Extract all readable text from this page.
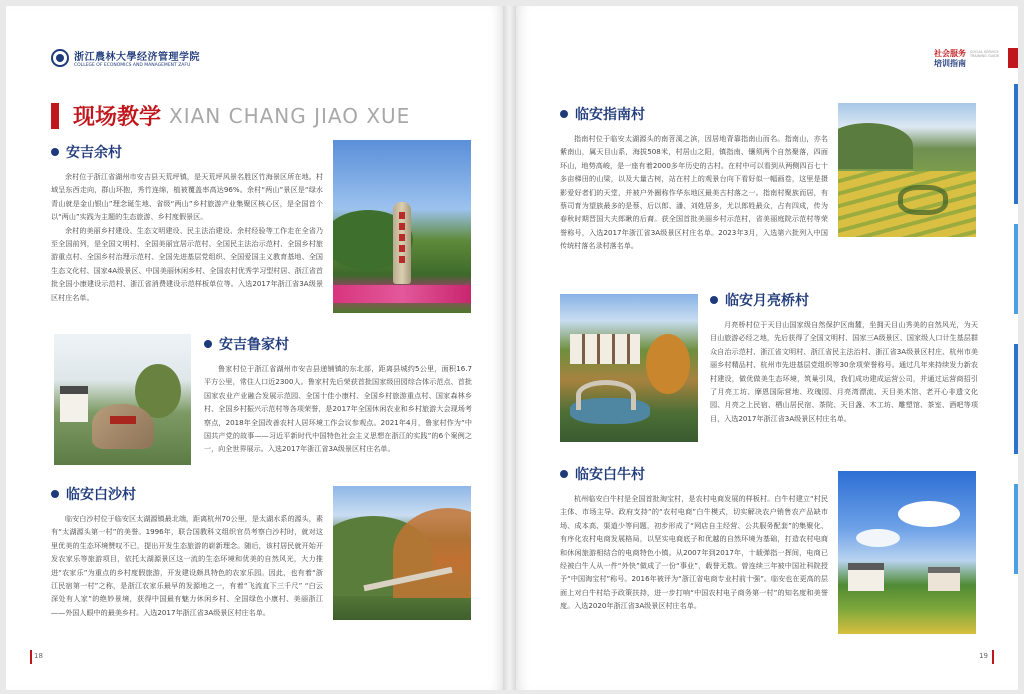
浙江農林大學经济管理学院
COLLEGE OF ECONOMICS AND MANAGEMENT ZAFU
现场教学 XIAN CHANG JIAO XUE
安吉余村

余村位于浙江省湖州市安吉县天荒坪镇，是天荒坪风景名胜区竹海景区所在地。村域呈东西走向，群山环抱，秀竹连绵，植被覆盖率高达96%。余村“两山”景区是“绿水青山就是金山银山”理念诞生地、省级“两山”乡村旅游产业集聚区核心区，是全国首个以“两山”实践为主题的生态旅游、乡村度假景区。

余村的美丽乡村建设、生态文明建设、民主法治建设、余村经验等工作走在全省乃至全国前列，是全国文明村、全国美丽宜居示范村、全国民主法治示范村、全国乡村旅游重点村、全国乡村治理示范村、全国先进基层党组织、全国爱国主义教育基地、全国生态文化村、国家4A级景区、中国美丽休闲乡村、全国农村优秀学习型村居、浙江省首批全国小康建设示范村、浙江省消费建设示范样板单位等。入选2017年浙江省3A级景区村庄名单。

安吉鲁家村

鲁家村位于浙江省湖州市安吉县递铺镇的东北部，距离县城约5公里，面积16.7平方公里，常住人口近2300人。鲁家村先后荣获首批国家级田园综合体示范点、首批国家农业产业融合发展示范园、全国十佳小康村、全国乡村旅游重点村、国家森林乡村、全国乡村振兴示范村等各项荣誉，是2017年全国休闲农业和乡村旅游大会现场考察点，2018年全国改善农村人居环境工作会议参观点。2021年4月，鲁家村作为“中国共产党的故事——习近平新时代中国特色社会主义思想在浙江的实践”的6个案例之一，向全世界展示。入选2017年浙江省3A级景区村庄名单。

临安白沙村

临安白沙村位于临安区太湖源镇最北端，距离杭州70公里，是太湖水系的源头，素有“太湖源头第一村”的美誉。1996年，联合国教科文组织官员考察白沙村时，就对这里优美的生态环境赞叹不已，提出开发生态旅游的崭新理念。随后，该村居民就开始开发农家乐等旅游项目，依托太湖源景区这一流的生态环境和优美的自然风光，大力推进“农家乐”为重点的乡村度假旅游，开发建设颇具特色的农家乐园。因此，也有着“浙江民宿第一村”之称，是浙江农家乐最早的发源地之一，有着“飞流直下三千尺” “白云深处有人家”的绝妙景境，获得中国最有魅力休闲乡村、全国绿色小康村、美丽浙江——外国人眼中的最美乡村。入选2017年浙江省3A级景区村庄名单。

18
社会服务
培训指南
SOCIAL SERVICE TRAINING GUIDE
临安指南村

指南村位于临安太湖源头的南苕溪之滨，因居地背靠指南山而名。指南山，亦名紫南山，属天目山系，海拔508米，村居山之阳，镇指南、镶须两个自然聚落，四面环山，地势高峻，是一座有着2000多年历史的古村。在村中可以看到从两侧四百七十多亩梯田的山梁，以及大量古树，站在村上的观景台向下看好似一幅画卷，这里是摄影爱好者们的天堂，并被户外圈称作华东地区最美古村落之一。指南村聚族而居，有蔡司育为望族最多的是蔡、后以郎、潘、刘姓居多，尤以郎姓最众，占有四成，传为春秋时期晋国大夫郎瞅的后裔。获全国首批美丽乡村示范村，省美丽庭院示范村等荣誉称号，入选2017年浙江省3A级景区村庄名单。2023年3月，入选第六批列入中国传统村落名录村落名单。

临安月亮桥村

月亮桥村位于天目山国家级自然保护区南麓，坐拥天目山秀美的自然风光，为天目山旅游必经之地，先后获得了全国文明村、国家三A级景区、国家级人口计生基层群众自治示范村、浙江省文明村、浙江省民主法治村、浙江省3A级景区村庄、杭州市美丽乡村精品村、杭州市先进基层党组织等30余项荣誉称号。通过几年来持续发力新农村建设，做优做美生态环境，筑巢引凤，我们成功建成运营公司，并通过运营商招引了月亮工坊、摩恩国际营地、玫瑰园、月亮湾漂流、天目美术馆、老开心非遗文化园、月亮之上民宿、栖山居民宿、茶院、天目盏、木工坊、雕塑馆、茶室、酒吧等项目，入选2017年浙江省3A级景区村庄名单。

临安白牛村

杭州临安白牛村是全国首批淘宝村，是农村电商发展的样板村。白牛村建立“村民主体、市场主导、政府支持”的“农村电商”白牛模式，切实解决农户销售农产品缺市场、成本高、渠道少等问题，初步形成了“网店自主经营、公共服务配套”的集聚化、有序化农村电商发展格局，以坚实电商底子和优越的自然环境为基础，打造农村电商和休闲旅游相结合的电商特色小镇。从2007年到2017年，十载弹指一挥间，电商已经被白牛人从一件“外快”做成了一份“事业”，载誉无数。曾连续三年被中国社科院授予“中国淘宝村”称号。2016年被评为“浙江省电商专业村前十强”。临安也在更高的层面上对白牛村给予政策扶持，进一步打响“中国农村电子商务第一村”的知名度和美誉度。入选2020年浙江省3A级景区村庄名单。

19
